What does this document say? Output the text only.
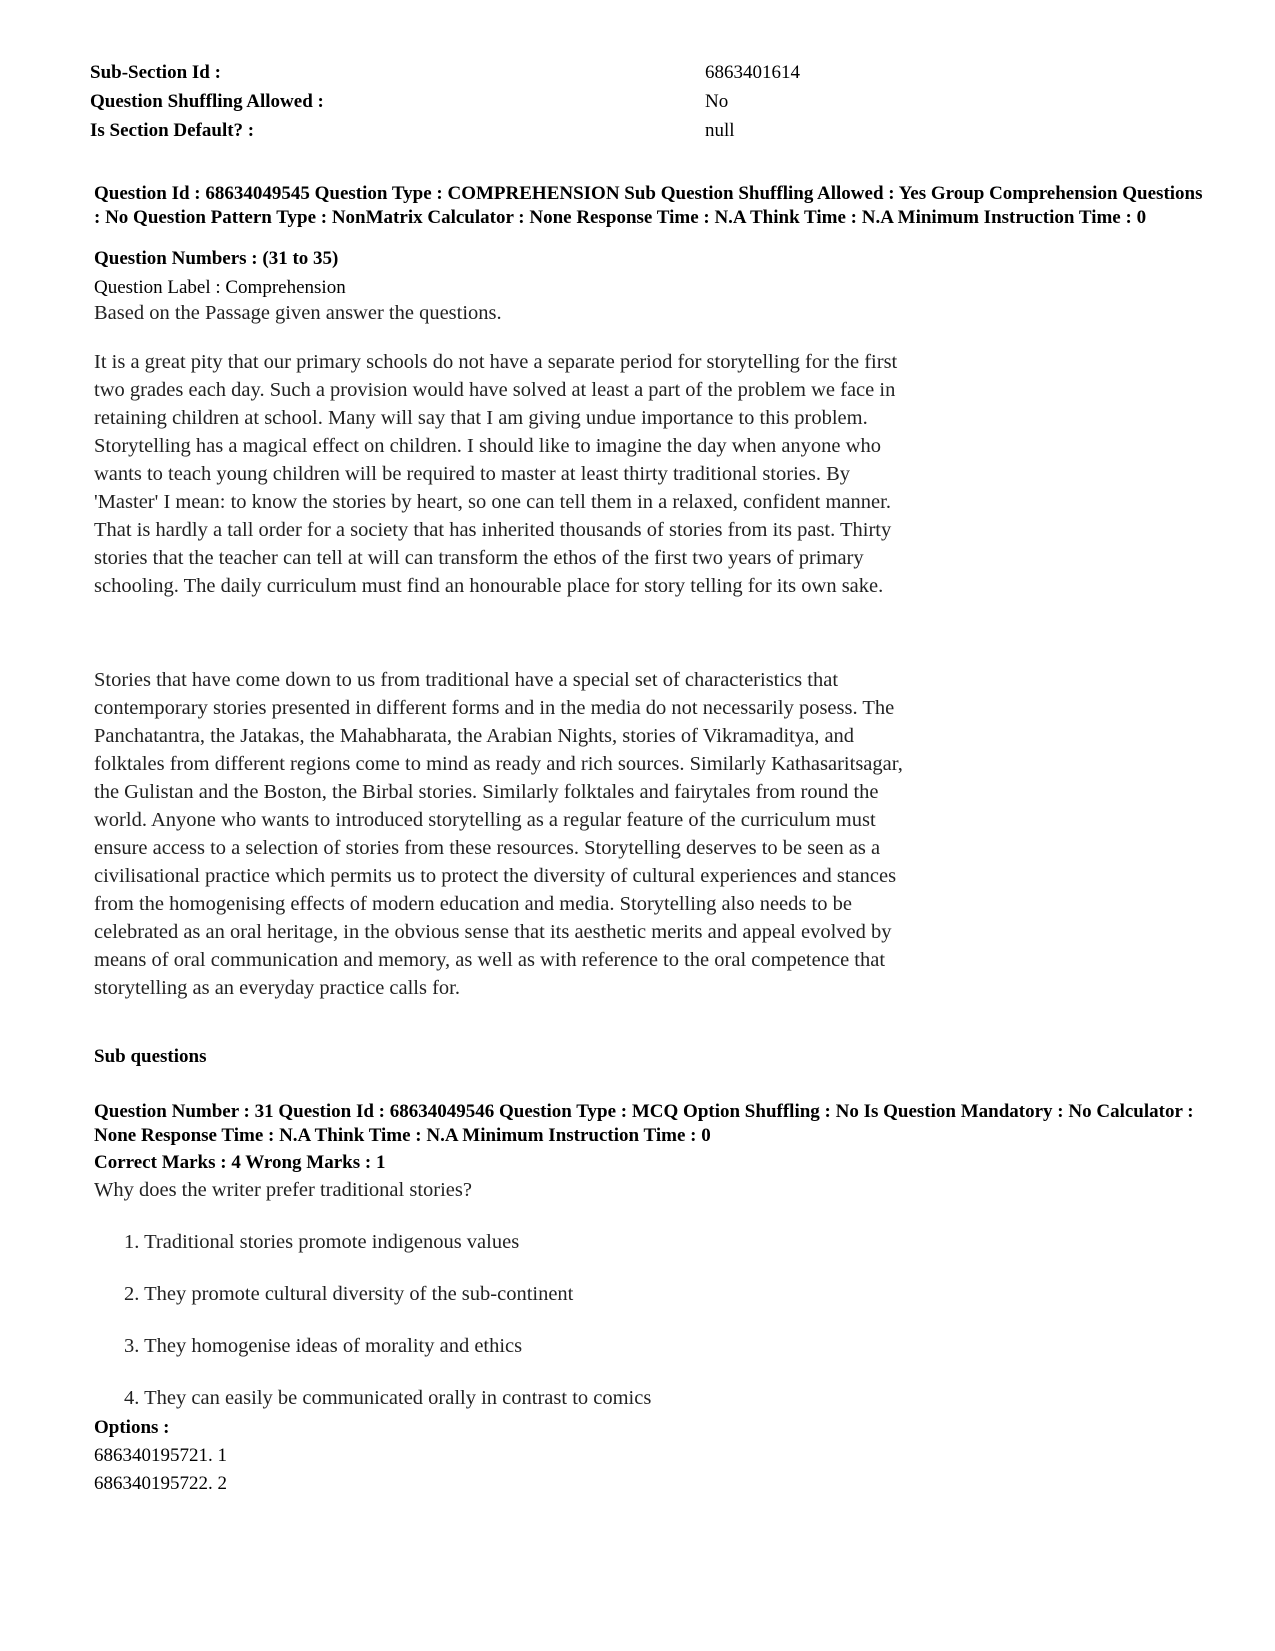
Sub-Section Id :	6863401614
Question Shuffling Allowed :	No
Is Section Default? :	null
Question Id : 68634049545 Question Type : COMPREHENSION Sub Question Shuffling Allowed : Yes Group Comprehension Questions : No Question Pattern Type : NonMatrix Calculator : None Response Time : N.A Think Time : N.A Minimum Instruction Time : 0
Question Numbers : (31 to 35)
Question Label : Comprehension
Based on the Passage given answer the questions.

It is a great pity that our primary schools do not have a separate period for storytelling for the first two grades each day. Such a provision would have solved at least a part of the problem we face in retaining children at school. Many will say that I am giving undue importance to this problem. Storytelling has a magical effect on children. I should like to imagine the day when anyone who wants to teach young children will be required to master at least thirty traditional stories. By 'Master' I mean: to know the stories by heart, so one can tell them in a relaxed, confident manner. That is hardly a tall order for a society that has inherited thousands of stories from its past. Thirty stories that the teacher can tell at will can transform the ethos of the first two years of primary schooling. The daily curriculum must find an honourable place for story telling for its own sake.

Stories that have come down to us from traditional have a special set of characteristics that contemporary stories presented in different forms and in the media do not necessarily posess. The Panchatantra, the Jatakas, the Mahabharata, the Arabian Nights, stories of Vikramaditya, and folktales from different regions come to mind as ready and rich sources. Similarly Kathasaritsagar, the Gulistan and the Boston, the Birbal stories. Similarly folktales and fairytales from round the world. Anyone who wants to introduced storytelling as a regular feature of the curriculum must ensure access to a selection of stories from these resources. Storytelling deserves to be seen as a civilisational practice which permits us to protect the diversity of cultural experiences and stances from the homogenising effects of modern education and media. Storytelling also needs to be celebrated as an oral heritage, in the obvious sense that its aesthetic merits and appeal evolved by means of oral communication and memory, as well as with reference to the oral competence that storytelling as an everyday practice calls for.

Sub questions
Question Number : 31 Question Id : 68634049546 Question Type : MCQ Option Shuffling : No Is Question Mandatory : No Calculator : None Response Time : N.A Think Time : N.A Minimum Instruction Time : 0
Correct Marks : 4 Wrong Marks : 1
Why does the writer prefer traditional stories?
1. Traditional stories promote indigenous values
2. They promote cultural diversity of the sub-continent
3. They homogenise ideas of morality and ethics
4. They can easily be communicated orally in contrast to comics
Options :
686340195721. 1
686340195722. 2
